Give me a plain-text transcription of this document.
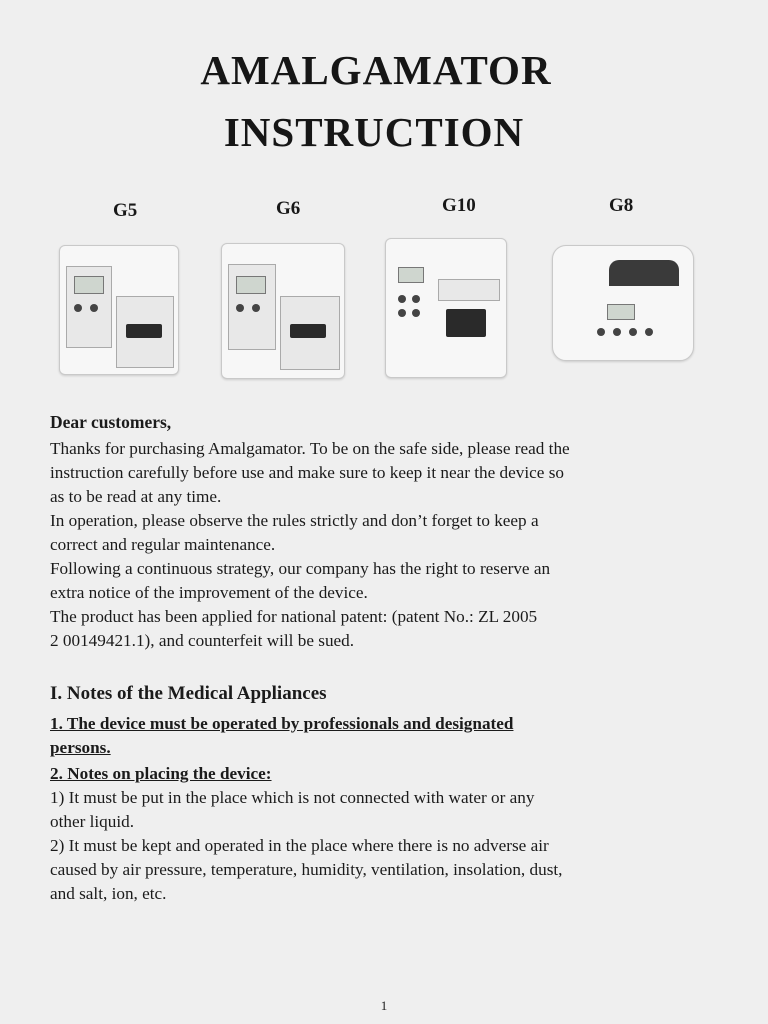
AMALGAMATOR
INSTRUCTION
G5	G6	G10	G8
Dear customers,
Thanks for purchasing Amalgamator. To be on the safe side, please read the
instruction carefully before use and make sure to keep it near the device so
as to be read at any time.
In operation, please observe the rules strictly and don’t forget to keep a
correct and regular maintenance.
Following a continuous strategy, our company has the right to reserve an
extra notice of the improvement of the device.
The product has been applied for national patent: (patent No.: ZL 2005
2 00149421.1), and counterfeit will be sued.
I. Notes of the Medical Appliances
1. The device must be operated by professionals and designated
persons.
2. Notes on placing the device:
1) It must be put in the place which is not connected with water or any
other liquid.
2) It must be kept and operated in the place where there is no adverse air
caused by air pressure, temperature, humidity, ventilation, insolation, dust,
and salt, ion, etc.
1
